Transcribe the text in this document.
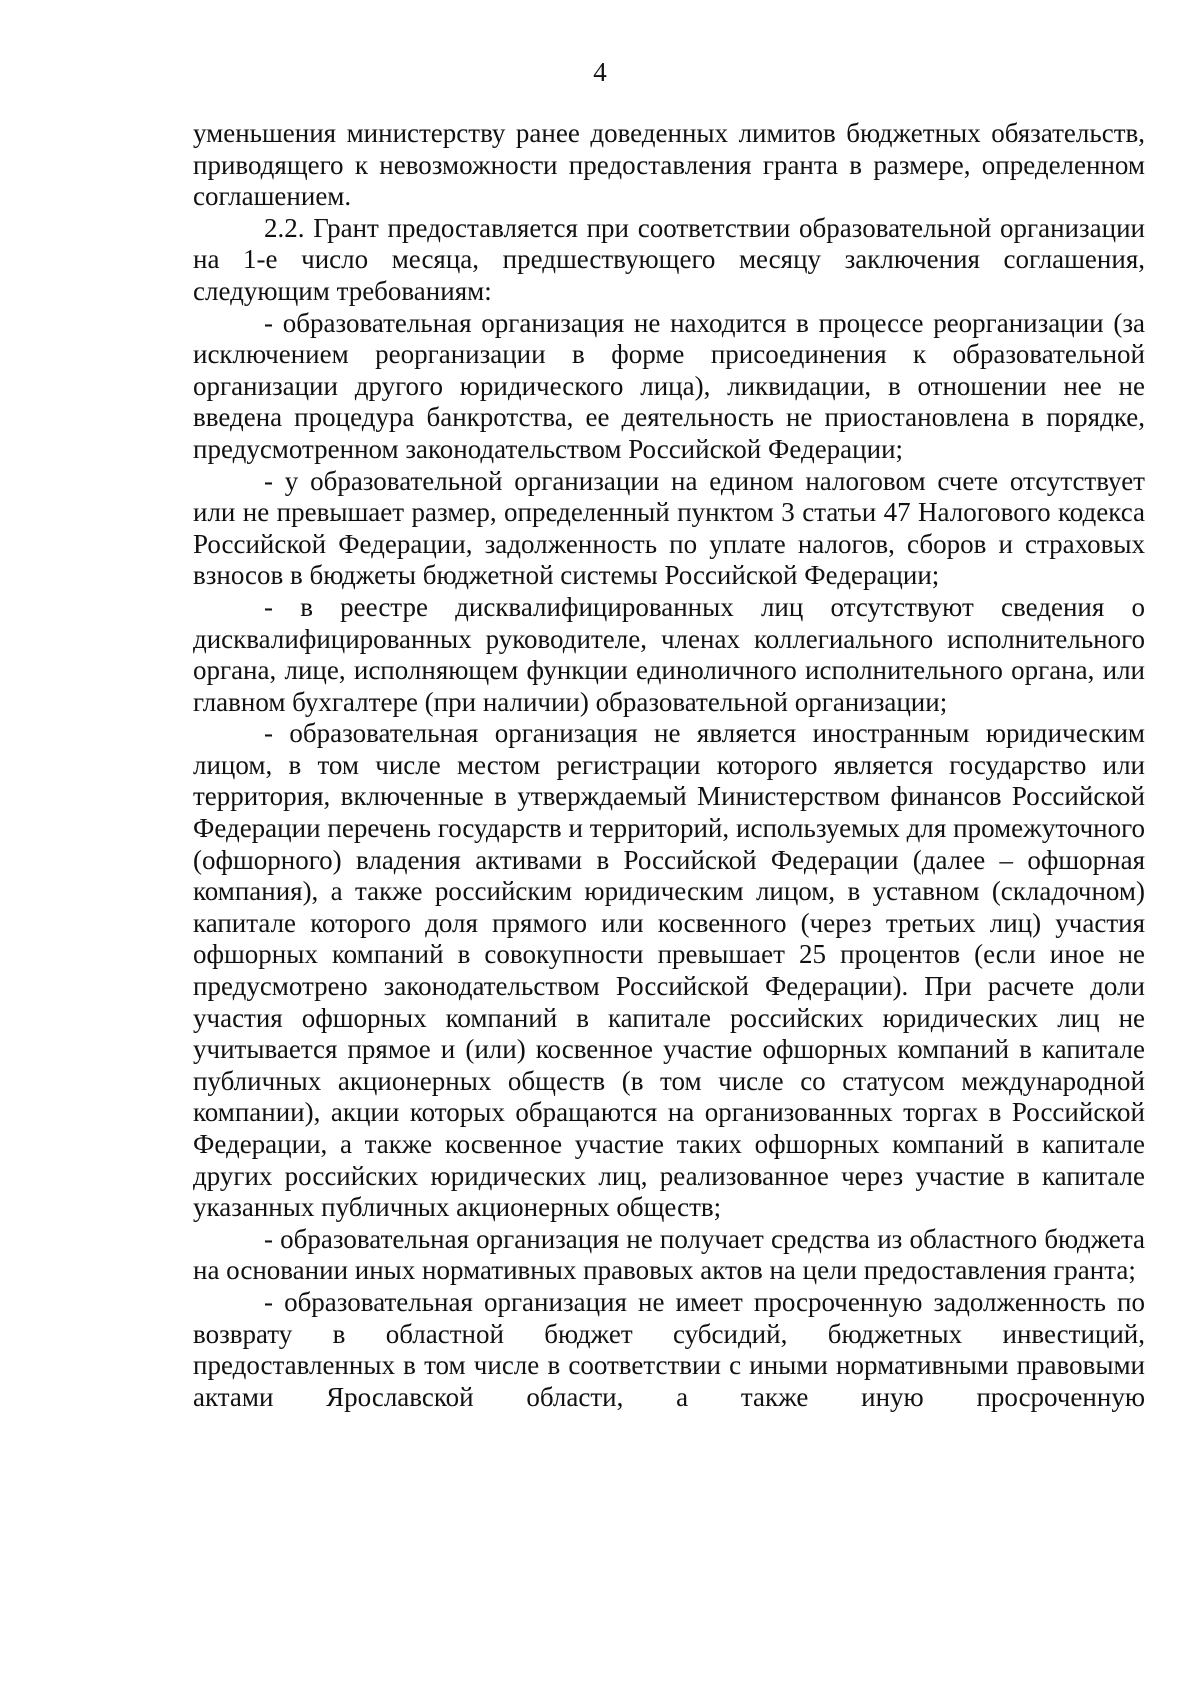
4

уменьшения министерству ранее доведенных лимитов бюджетных обязательств, приводящего к невозможности предоставления гранта в размере, определенном соглашением.

2.2. Грант предоставляется при соответствии образовательной организации на 1-е число месяца, предшествующего месяцу заключения соглашения, следующим требованиям:

- образовательная организация не находится в процессе реорганизации (за исключением реорганизации в форме присоединения к образовательной организации другого юридического лица), ликвидации, в отношении нее не введена процедура банкротства, ее деятельность не приостановлена в порядке, предусмотренном законодательством Российской Федерации;

- у образовательной организации на едином налоговом счете отсутствует или не превышает размер, определенный пунктом 3 статьи 47 Налогового кодекса Российской Федерации, задолженность по уплате налогов, сборов и страховых взносов в бюджеты бюджетной системы Российской Федерации;

- в реестре дисквалифицированных лиц отсутствуют сведения о дисквалифицированных руководителе, членах коллегиального исполнительного органа, лице, исполняющем функции единоличного исполнительного органа, или главном бухгалтере (при наличии) образовательной организации;

- образовательная организация не является иностранным юридическим лицом, в том числе местом регистрации которого является государство или территория, включенные в утверждаемый Министерством финансов Российской Федерации перечень государств и территорий, используемых для промежуточного (офшорного) владения активами в Российской Федерации (далее – офшорная компания), а также российским юридическим лицом, в уставном (складочном) капитале которого доля прямого или косвенного (через третьих лиц) участия офшорных компаний в совокупности превышает 25 процентов (если иное не предусмотрено законодательством Российской Федерации). При расчете доли участия офшорных компаний в капитале российских юридических лиц не учитывается прямое и (или) косвенное участие офшорных компаний в капитале публичных акционерных обществ (в том числе со статусом международной компании), акции которых обращаются на организованных торгах в Российской Федерации, а также косвенное участие таких офшорных компаний в капитале других российских юридических лиц, реализованное через участие в капитале указанных публичных акционерных обществ;

- образовательная организация не получает средства из областного бюджета на основании иных нормативных правовых актов на цели предоставления гранта;

- образовательная организация не имеет просроченную задолженность по возврату в областной бюджет субсидий, бюджетных инвестиций, предоставленных в том числе в соответствии с иными нормативными правовыми актами Ярославской области, а также иную просроченную
